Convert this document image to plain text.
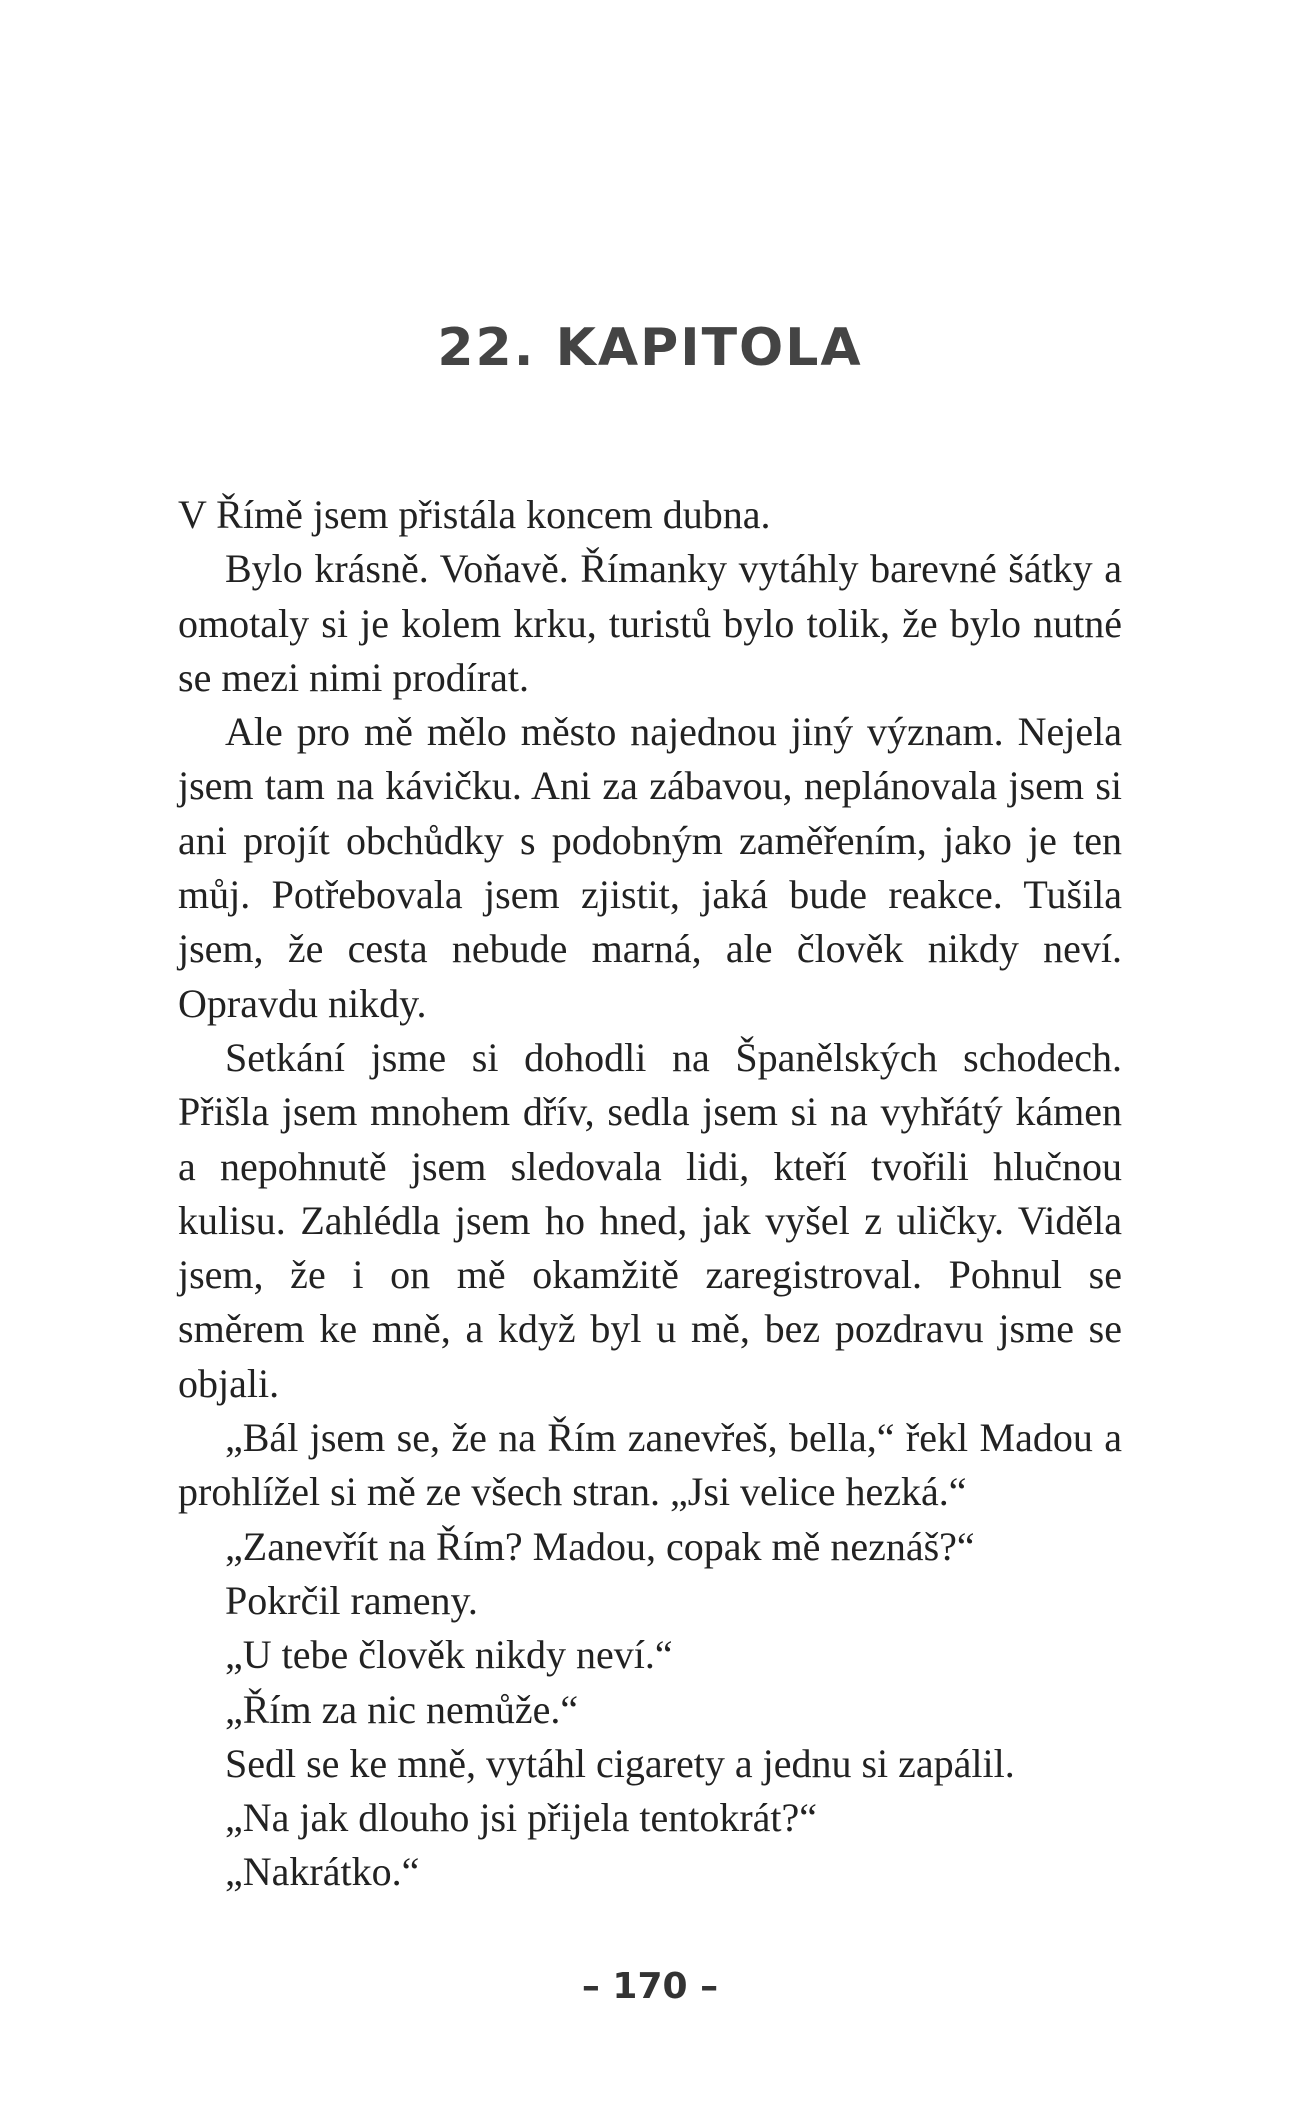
22. KAPITOLA

V Římě jsem přistála koncem dubna.

Bylo krásně. Voňavě. Římanky vytáhly barevné šátky a omotaly si je kolem krku, turistů bylo tolik, že bylo nutné se mezi nimi prodírat.

Ale pro mě mělo město najednou jiný význam. Nejela jsem tam na kávičku. Ani za zábavou, neplánovala jsem si ani projít obchůdky s podobným zaměřením, jako je ten můj. Potřebovala jsem zjistit, jaká bude reakce. Tušila jsem, že cesta nebude marná, ale člověk nikdy neví. Opravdu nikdy.

Setkání jsme si dohodli na Španělských schodech. Přišla jsem mnohem dřív, sedla jsem si na vyhřátý kámen a nepohnutě jsem sledovala lidi, kteří tvořili hlučnou kulisu. Zahlédla jsem ho hned, jak vyšel z uličky. Viděla jsem, že i on mě okamžitě zaregistroval. Pohnul se směrem ke mně, a když byl u mě, bez pozdravu jsme se objali.

„Bál jsem se, že na Řím zanevřeš, bella,“ řekl Madou a prohlížel si mě ze všech stran. „Jsi velice hezká.“

„Zanevřít na Řím? Madou, copak mě neznáš?“

Pokrčil rameny.

„U tebe člověk nikdy neví.“

„Řím za nic nemůže.“

Sedl se ke mně, vytáhl cigarety a jednu si zapálil.

„Na jak dlouho jsi přijela tentokrát?“

„Nakrátko.“

– 170 –
